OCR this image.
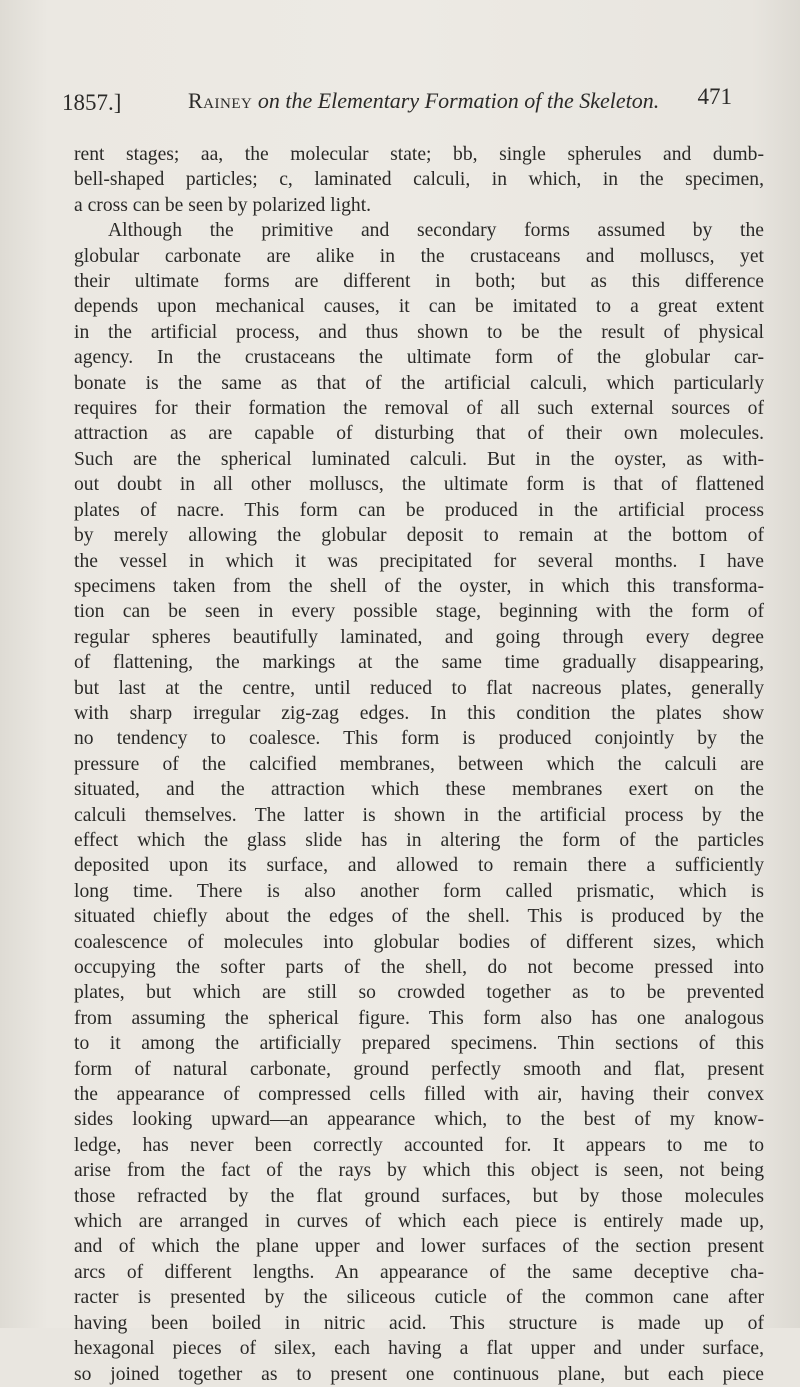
1857.]	Rainey on the Elementary Formation of the Skeleton. 471
rent stages; aa, the molecular state; bb, single spherules and dumb-
bell-shaped particles; c, laminated calculi, in which, in the specimen,
a cross can be seen by polarized light.
Although the primitive and secondary forms assumed by the
globular carbonate are alike in the crustaceans and molluscs, yet
their ultimate forms are different in both; but as this difference
depends upon mechanical causes, it can be imitated to a great extent
in the artificial process, and thus shown to be the result of physical
agency. In the crustaceans the ultimate form of the globular car-
bonate is the same as that of the artificial calculi, which particularly
requires for their formation the removal of all such external sources of
attraction as are capable of disturbing that of their own molecules.
Such are the spherical luminated calculi. But in the oyster, as with-
out doubt in all other molluscs, the ultimate form is that of flattened
plates of nacre. This form can be produced in the artificial process
by merely allowing the globular deposit to remain at the bottom of
the vessel in which it was precipitated for several months. I have
specimens taken from the shell of the oyster, in which this transforma-
tion can be seen in every possible stage, beginning with the form of
regular spheres beautifully laminated, and going through every degree
of flattening, the markings at the same time gradually disappearing,
but last at the centre, until reduced to flat nacreous plates, generally
with sharp irregular zig-zag edges. In this condition the plates show
no tendency to coalesce. This form is produced conjointly by the
pressure of the calcified membranes, between which the calculi are
situated, and the attraction which these membranes exert on the
calculi themselves. The latter is shown in the artificial process by the
effect which the glass slide has in altering the form of the particles
deposited upon its surface, and allowed to remain there a sufficiently
long time. There is also another form called prismatic, which is
situated chiefly about the edges of the shell. This is produced by the
coalescence of molecules into globular bodies of different sizes, which
occupying the softer parts of the shell, do not become pressed into
plates, but which are still so crowded together as to be prevented
from assuming the spherical figure. This form also has one analogous
to it among the artificially prepared specimens. Thin sections of this
form of natural carbonate, ground perfectly smooth and flat, present
the appearance of compressed cells filled with air, having their convex
sides looking upward—an appearance which, to the best of my know-
ledge, has never been correctly accounted for. It appears to me to
arise from the fact of the rays by which this object is seen, not being
those refracted by the flat ground surfaces, but by those molecules
which are arranged in curves of which each piece is entirely made up,
and of which the plane upper and lower surfaces of the section present
arcs of different lengths. An appearance of the same deceptive cha-
racter is presented by the siliceous cuticle of the common cane after
having been boiled in nitric acid. This structure is made up of
hexagonal pieces of silex, each having a flat upper and under surface,
so joined together as to present one continuous plane, but each piece
